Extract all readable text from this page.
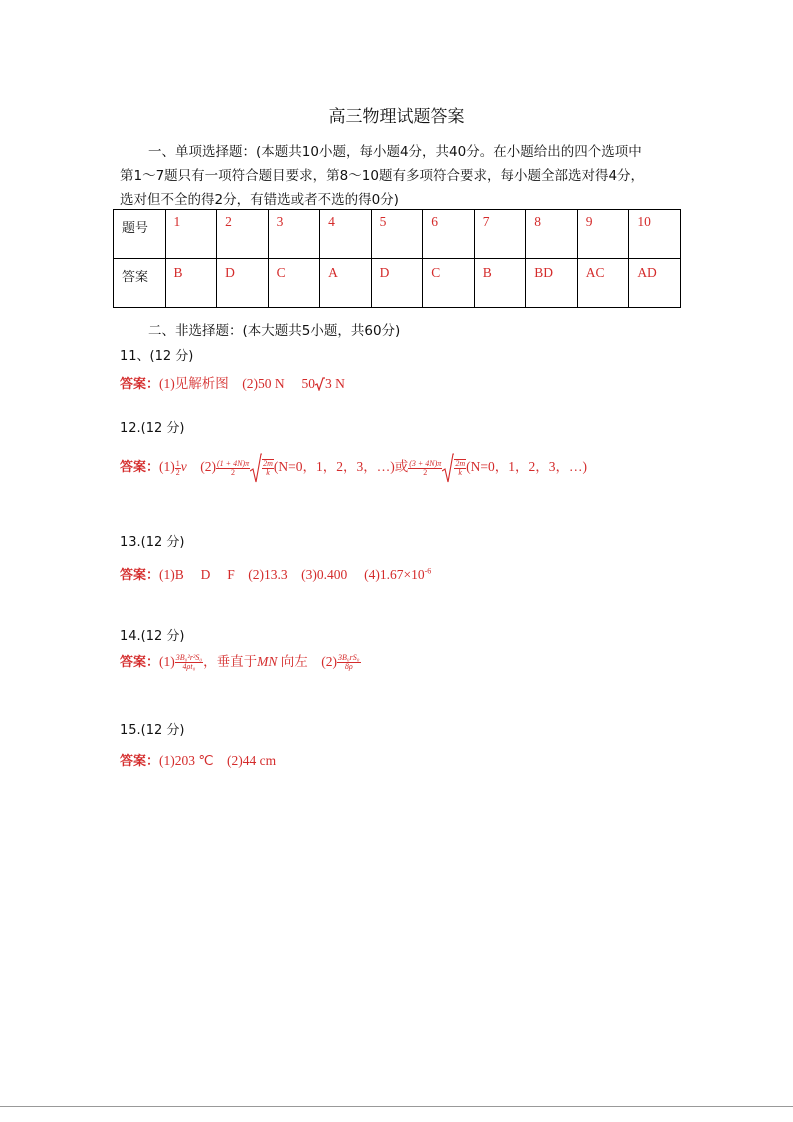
高三物理试题答案
一、单项选择题：(本题共10小题，每小题4分，共40分。在小题给出的四个选项中
第1～7题只有一项符合题目要求，第8～10题有多项符合要求，每小题全部选对得4分，
选对但不全的得2分，有错选或者不选的得0分)
题号	1	2	3	4	5	6	7	8	9	10
答案	B	D	C	A	D	C	B	BD	AC	AD
二、非选择题：(本大题共5小题，共60分)
11、(12 分)
答案：(1)见解析图　(2)50 N　 50 3 N
12.(12 分)
答案：$(1) \frac{1}{2}$ v $(2) \frac{(1 + 4N)\pi}{2} \frac{2m}{k} (N=0$，1，2，3，…)或 $\frac{(3 + 4N)\pi}{2} \frac{2m}{k} (N=0$，1，2，3，…)
13.(12 分)
答案：(1)B　 D　 F　(2)13.3　(3)0.400　 $(4)1.67\times 10^{-6}$
14.(12 分)
答案：$(1) \frac{\text{3B₀²r²S₀}}{\text{4ρt₀}}$ ，垂直于MN 向左　$(2) \frac{\text{3B₀rS₀}}{8\rho}$
15.(12 分)
答案：(1)203 ℃　(2)44 cm
